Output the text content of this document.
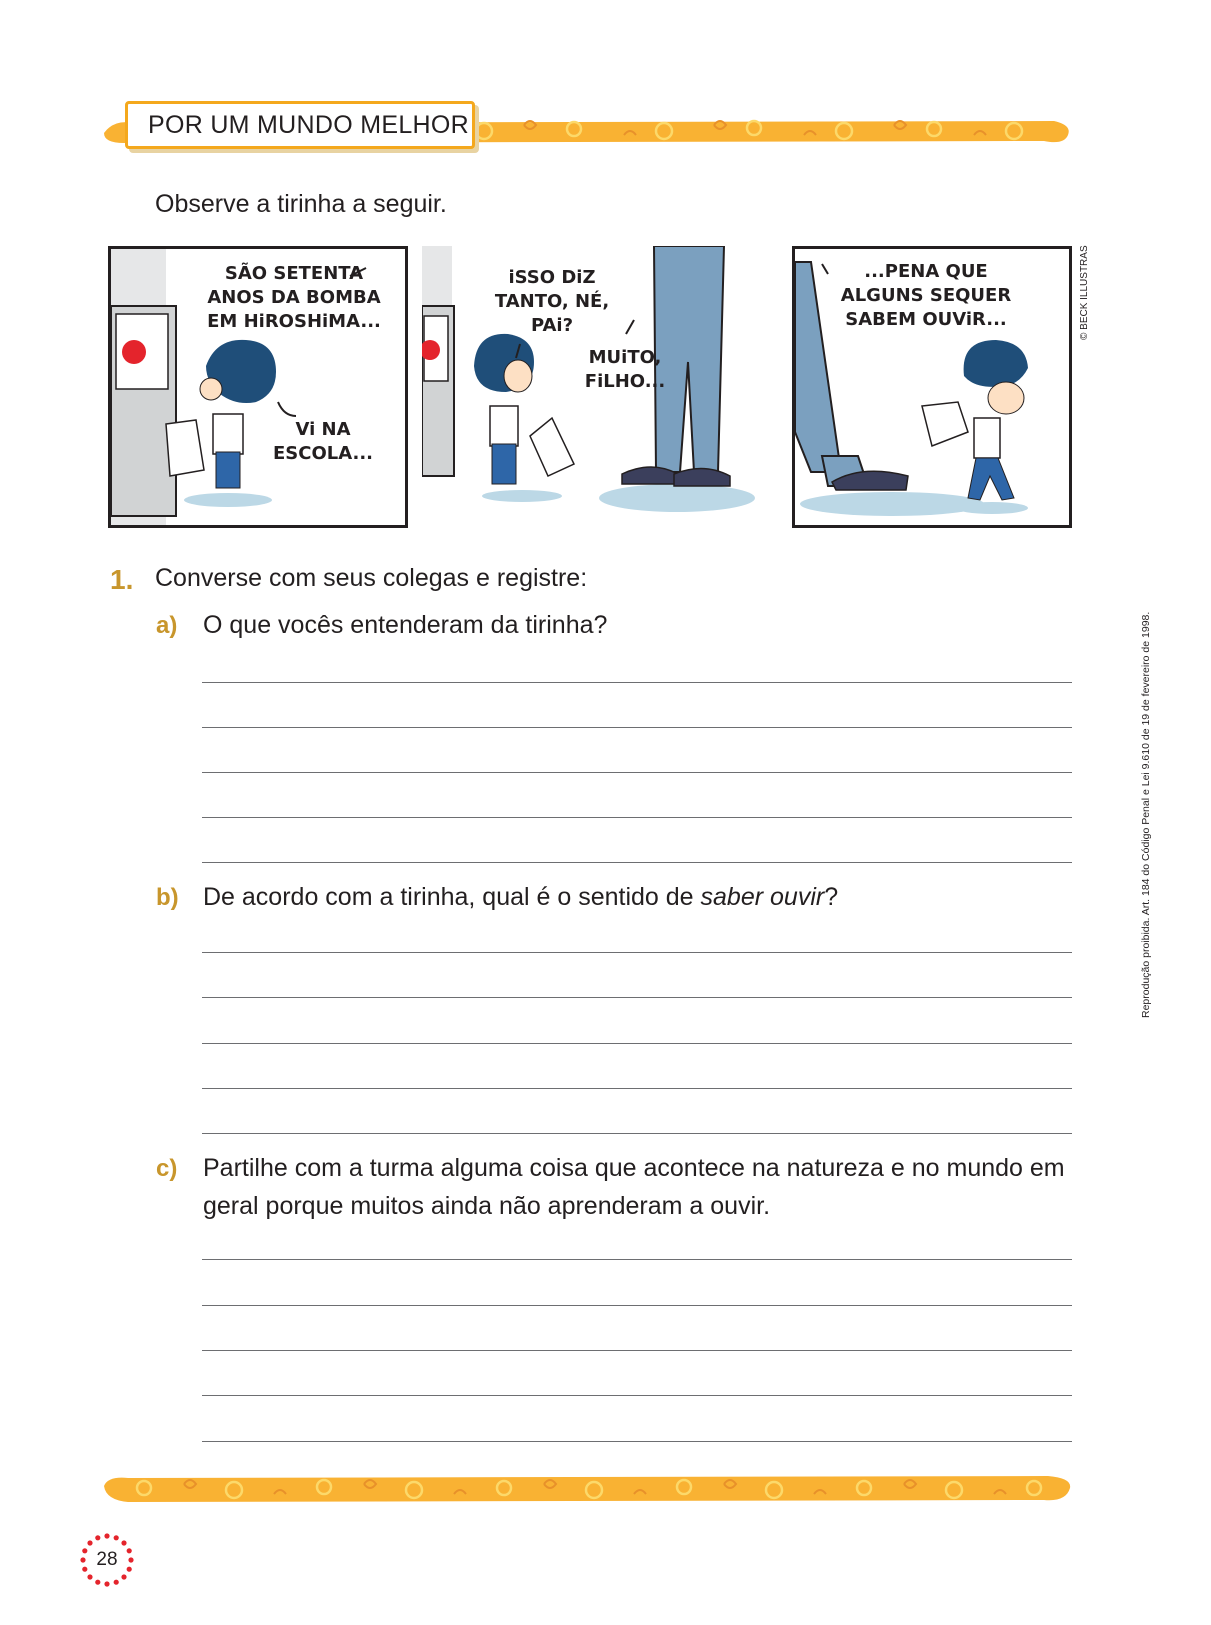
POR UM MUNDO MELHOR
Observe a tirinha a seguir.
SÃO SETENTA
ANOS DA BOMBA
EM HiROSHiMA...
Vi NA
ESCOLA...
iSSO DiZ
TANTO, NÉ,
PAi?
MUiTO,
FiLHO...
...PENA QUE
ALGUNS SEQUER
SABEM OUViR...	© BECK ILLUSTRAS
Reprodução proibida. Art. 184 do Código Penal e Lei 9.610 de 19 de fevereiro de 1998.
1. Converse com seus colegas e registre:
a) O que vocês entenderam da tirinha?
b) De acordo com a tirinha, qual é o sentido de saber ouvir?
c) Partilhe com a turma alguma coisa que acontece na natureza e no mundo em geral porque muitos ainda não aprenderam a ouvir.
28
